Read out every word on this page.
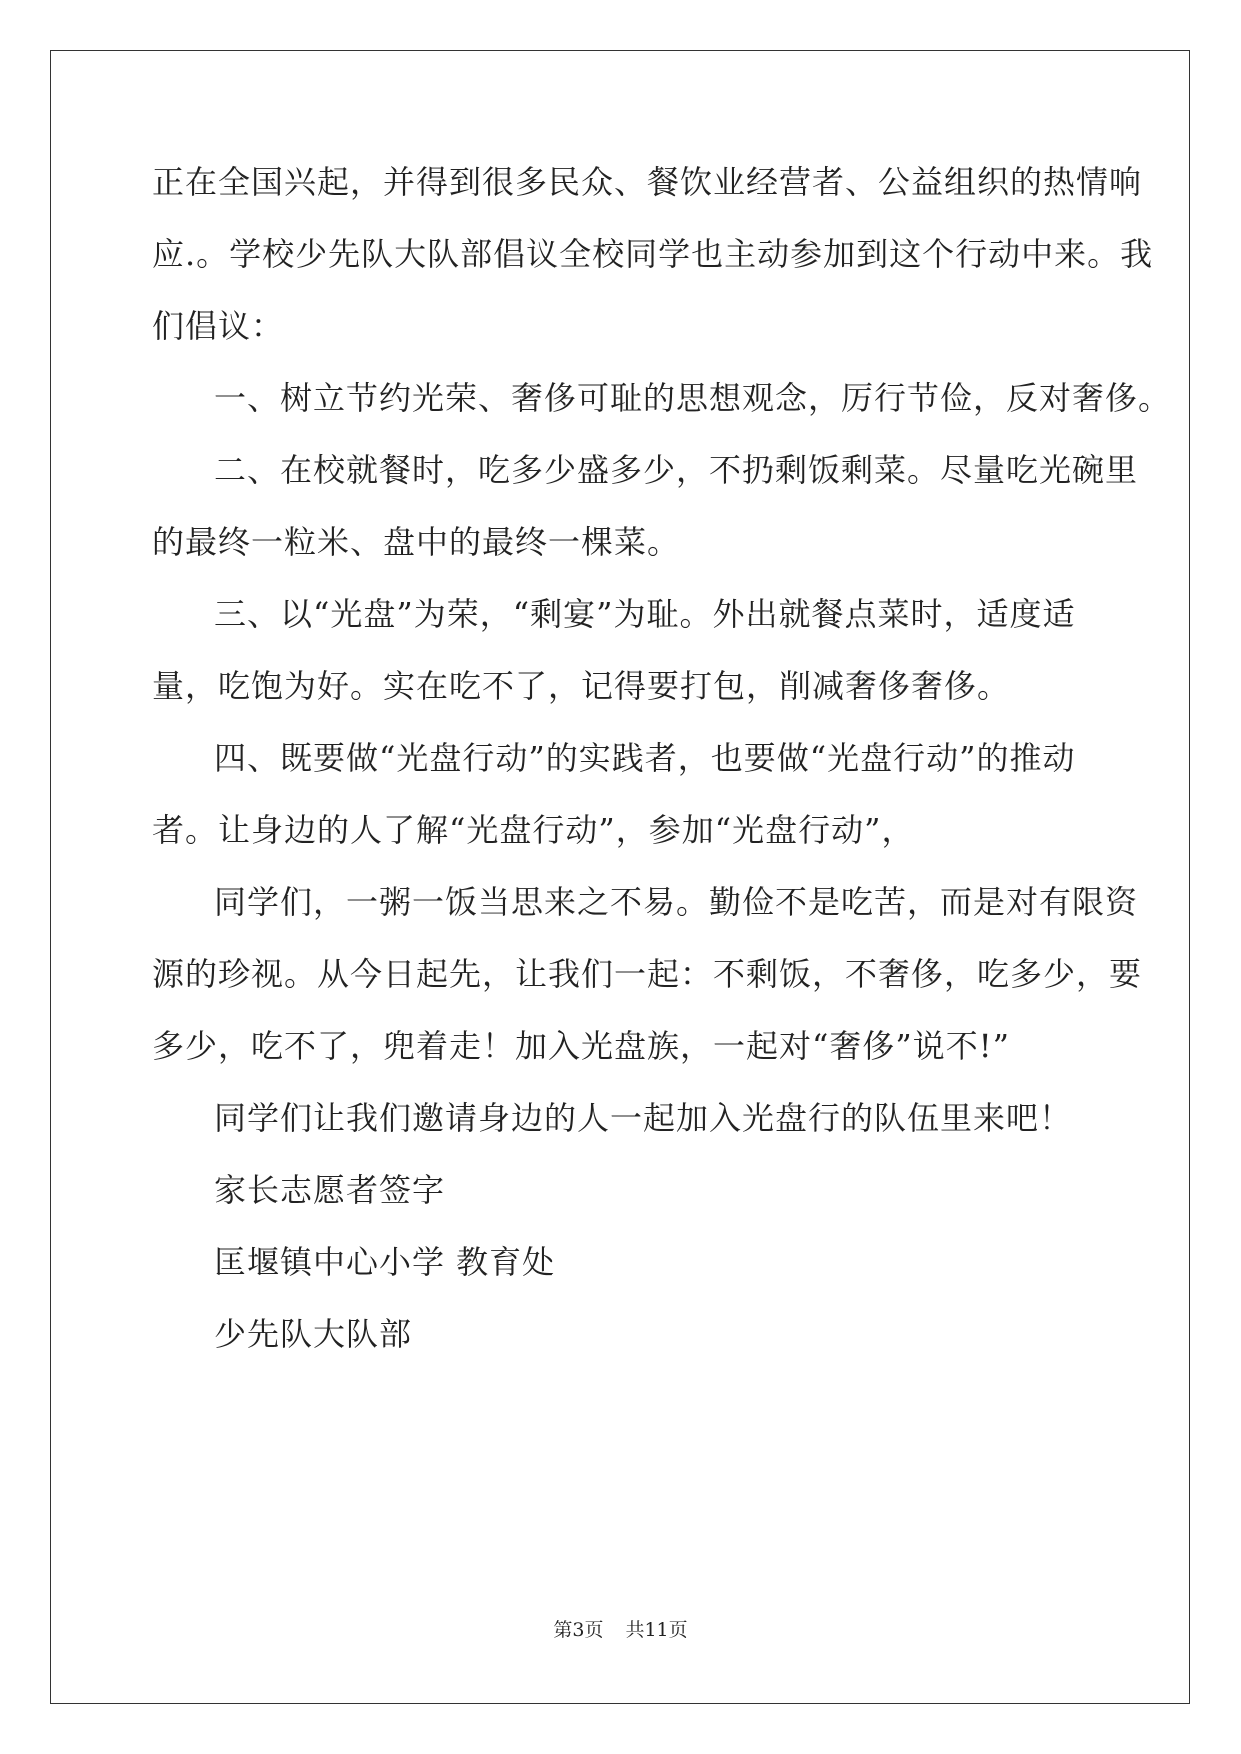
正在全国兴起，并得到很多民众、餐饮业经营者、公益组织的热情响
应.。学校少先队大队部倡议全校同学也主动参加到这个行动中来。我
们倡议：
一、树立节约光荣、奢侈可耻的思想观念，厉行节俭，反对奢侈。
二、在校就餐时，吃多少盛多少，不扔剩饭剩菜。尽量吃光碗里
的最终一粒米、盘中的最终一棵菜。
三、以“光盘”为荣，“剩宴”为耻。外出就餐点菜时，适度适
量，吃饱为好。实在吃不了，记得要打包，削减奢侈奢侈。
四、既要做“光盘行动”的实践者，也要做“光盘行动”的推动
者。让身边的人了解“光盘行动”，参加“光盘行动”，
同学们，一粥一饭当思来之不易。勤俭不是吃苦，而是对有限资
源的珍视。从今日起先，让我们一起：不剩饭，不奢侈，吃多少，要
多少，吃不了，兜着走！加入光盘族，一起对“奢侈”说不!”
同学们让我们邀请身边的人一起加入光盘行的队伍里来吧！
家长志愿者签字
匡堰镇中心小学 教育处
少先队大队部
第3页 共11页
